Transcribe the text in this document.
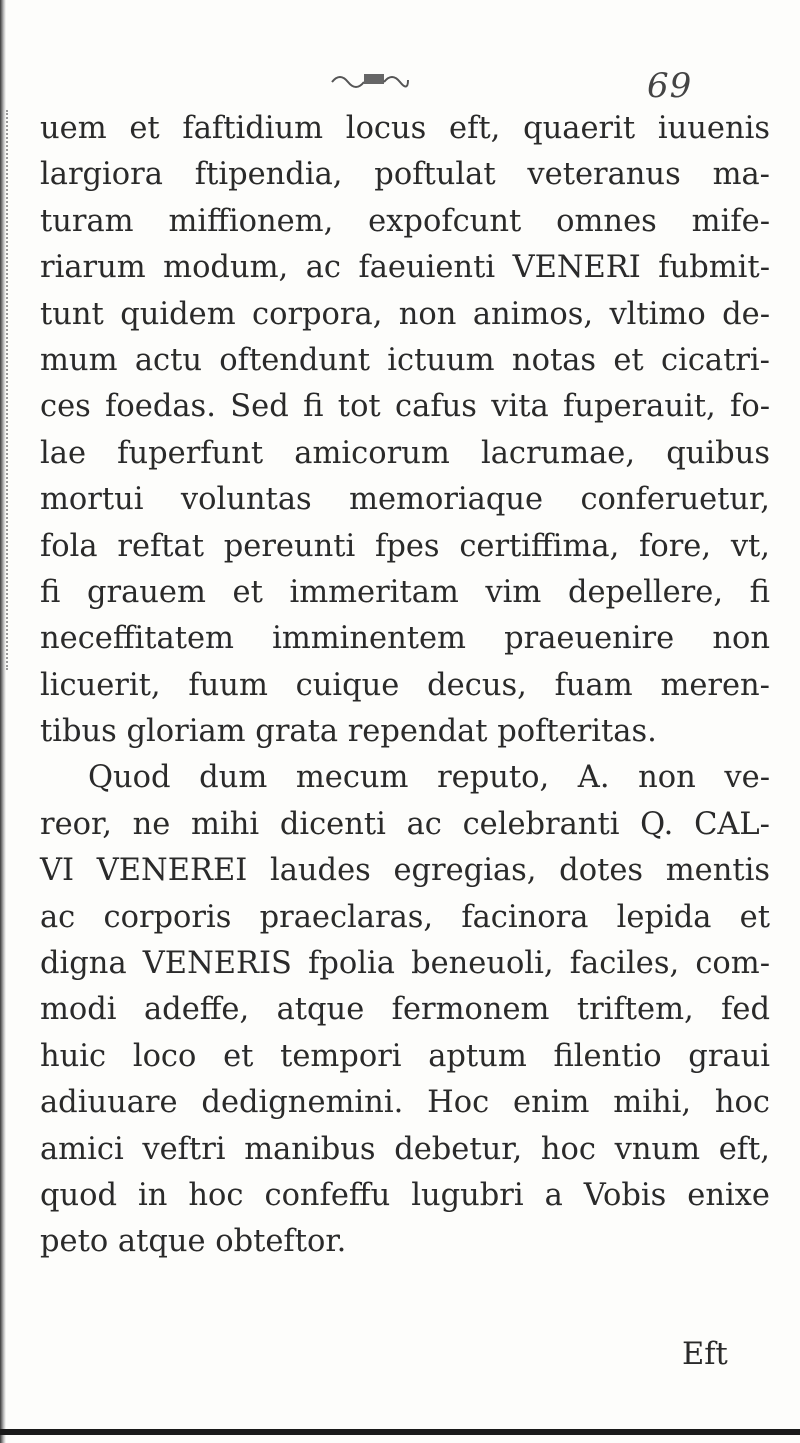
69
uem et faftidium locus eft, quaerit iuuenis
largiora ftipendia, poftulat veteranus ma-
turam miffionem, expofcunt omnes mife-
riarum modum, ac faeuienti VENERI fubmit-
tunt quidem corpora, non animos, vltimo de-
mum actu oftendunt ictuum notas et cicatri-
ces foedas. Sed fi tot cafus vita fuperauit, fo-
lae fuperfunt amicorum lacrumae, quibus
mortui voluntas memoriaque conferuetur,
fola reftat pereunti fpes certiffima, fore, vt,
fi grauem et immeritam vim depellere, fi
neceffitatem imminentem praeuenire non
licuerit, fuum cuique decus, fuam meren-
tibus gloriam grata rependat pofteritas.
Quod dum mecum reputo, A. non ve-
reor, ne mihi dicenti ac celebranti Q. CAL-
VI VENEREI laudes egregias, dotes mentis
ac corporis praeclaras, facinora lepida et
digna VENERIS fpolia beneuoli, faciles, com-
modi adeffe, atque fermonem triftem, fed
huic loco et tempori aptum filentio graui
adiuuare dedignemini. Hoc enim mihi, hoc
amici veftri manibus debetur, hoc vnum eft,
quod in hoc confeffu lugubri a Vobis enixe
peto atque obteftor.
Eft
